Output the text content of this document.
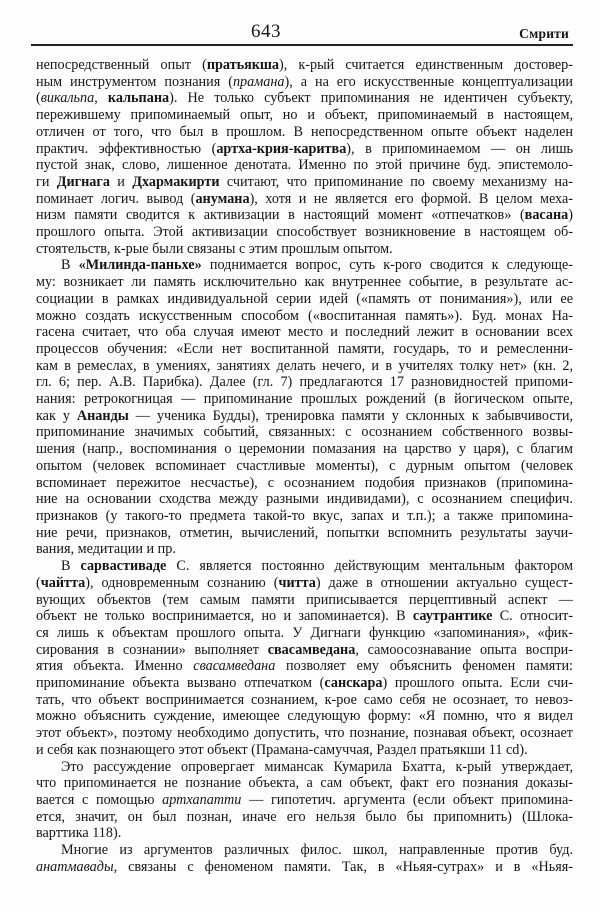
643	Смрити

непосредственный опыт (пратьякша), к-рый считается единственным достовер-
ным инструментом познания (прамана), а на его искусственные концептуализации
(викальпа, кальпана). Не только субъект припоминания не идентичен субъекту,
пережившему припоминаемый опыт, но и объект, припоминаемый в настоящем,
отличен от того, что был в прошлом. В непосредственном опыте объект наделен
практич. эффективностью (артха-крия-каритва), в припоминаемом — он лишь
пустой знак, слово, лишенное денотата. Именно по этой причине буд. эпистемоло-
ги Дигнага и Дхармакирти считают, что припоминание по своему механизму на-
поминает логич. вывод (анумана), хотя и не является его формой. В целом меха-
низм памяти сводится к активизации в настоящий момент «отпечатков» (васана)
прошлого опыта. Этой активизации способствует возникновение в настоящем об-
стоятельств, к-рые были связаны с этим прошлым опытом.

В «Милинда-паньхе» поднимается вопрос, суть к-рого сводится к следующе-
му: возникает ли память исключительно как внутреннее событие, в результате ас-
социации в рамках индивидуальной серии идей («память от понимания»), или ее
можно создать искусственным способом («воспитанная память»). Буд. монах На-
гасена считает, что оба случая имеют место и последний лежит в основании всех
процессов обучения: «Если нет воспитанной памяти, государь, то и ремесленни-
кам в ремеслах, в умениях, занятиях делать нечего, и в учителях толку нет» (кн. 2,
гл. 6; пер. А.В. Парибка). Далее (гл. 7) предлагаются 17 разновидностей припоми-
нания: ретрокогницая — припоминание прошлых рождений (в йогическом опыте,
как у Ананды — ученика Будды), тренировка памяти у склонных к забывчивости,
припоминание значимых событий, связанных: с осознанием собственного возвы-
шения (напр., воспоминания о церемонии помазания на царство у царя), с благим
опытом (человек вспоминает счастливые моменты), с дурным опытом (человек
вспоминает пережитое несчастье), с осознанием подобия признаков (припомина-
ние на основании сходства между разными индивидами), с осознанием специфич.
признаков (у такого-то предмета такой-то вкус, запах и т.п.); а также припомина-
ние речи, признаков, отметин, вычислений, попытки вспомнить результаты заучи-
вания, медитации и пр.

В сарвастиваде С. является постоянно действующим ментальным фактором
(чайтта), одновременным сознанию (читта) даже в отношении актуально сущест-
вующих объектов (тем самым памяти приписывается перцептивный аспект —
объект не только воспринимается, но и запоминается). В саутрантике С. относит-
ся лишь к объектам прошлого опыта. У Дигнаги функцию «запоминания», «фик-
сирования в сознании» выполняет свасамведана, самоосознавание опыта воспри-
ятия объекта. Именно свасамведана позволяет ему объяснить феномен памяти:
припоминание объекта вызвано отпечатком (санскара) прошлого опыта. Если счи-
тать, что объект воспринимается сознанием, к-рое само себя не осознает, то невоз-
можно объяснить суждение, имеющее следующую форму: «Я помню, что я видел
этот объект», поэтому необходимо допустить, что познание, познавая объект, осознает
и себя как познающего этот объект (Прамана-самуччая, Раздел пратьякши 11 cd).

Это рассуждение опровергает мимансак Кумарила Бхатта, к-рый утверждает,
что припоминается не познание объекта, а сам объект, факт его познания доказы-
вается с помощью артхапатти — гипотетич. аргумента (если объект припомина-
ется, значит, он был познан, иначе его нельзя было бы припомнить) (Шлока-
варттика 118).

Многие из аргументов различных филос. школ, направленные против буд.
анатмавады, связаны с феноменом памяти. Так, в «Ньяя-сутрах» и в «Ньяя-
